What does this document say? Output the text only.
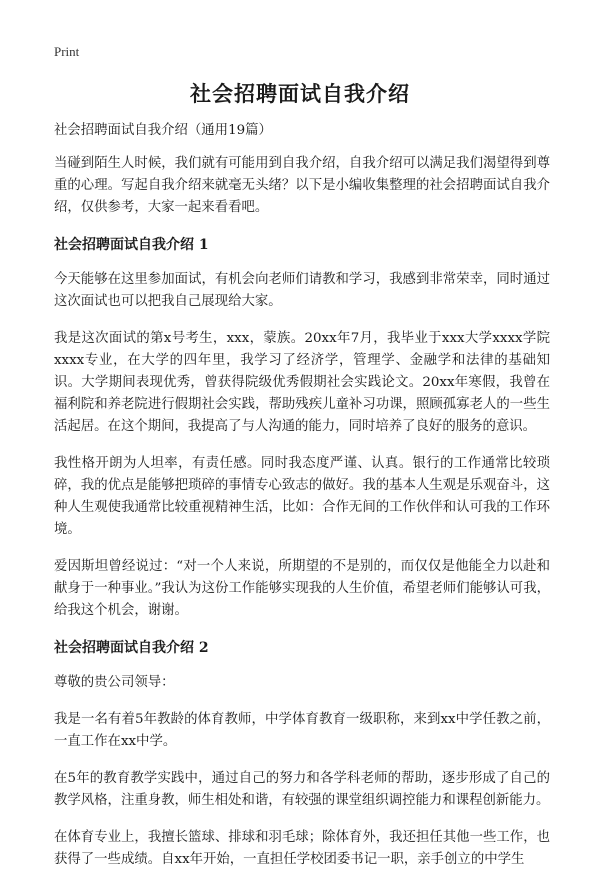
Print
社会招聘面试自我介绍

社会招聘面试自我介绍（通用19篇）

当碰到陌生人时候，我们就有可能用到自我介绍，自我介绍可以满足我们渴望得到尊重的心理。写起自我介绍来就毫无头绪？以下是小编收集整理的社会招聘面试自我介绍，仅供参考，大家一起来看看吧。

社会招聘面试自我介绍 1

今天能够在这里参加面试，有机会向老师们请教和学习，我感到非常荣幸，同时通过这次面试也可以把我自己展现给大家。

我是这次面试的第x号考生，xxx，蒙族。20xx年7月，我毕业于xxx大学xxxx学院xxxx专业，在大学的四年里，我学习了经济学，管理学、金融学和法律的基础知识。大学期间表现优秀，曾获得院级优秀假期社会实践论文。20xx年寒假，我曾在福利院和养老院进行假期社会实践，帮助残疾儿童补习功课，照顾孤寡老人的一些生活起居。在这个期间，我提高了与人沟通的能力，同时培养了良好的服务的意识。

我性格开朗为人坦率，有责任感。同时我态度严谨、认真。银行的工作通常比较琐碎，我的优点是能够把琐碎的事情专心致志的做好。我的基本人生观是乐观奋斗，这种人生观使我通常比较重视精神生活，比如：合作无间的工作伙伴和认可我的工作环境。

爱因斯坦曾经说过：“对一个人来说，所期望的不是别的，而仅仅是他能全力以赴和献身于一种事业。”我认为这份工作能够实现我的人生价值，希望老师们能够认可我，给我这个机会，谢谢。

社会招聘面试自我介绍 2

尊敬的贵公司领导：

我是一名有着5年教龄的体育教师，中学体育教育一级职称，来到xx中学任教之前，一直工作在xx中学。

在5年的教育教学实践中，通过自己的努力和各学科老师的帮助，逐步形成了自己的教学风格，注重身教，师生相处和谐，有较强的课堂组织调控能力和课程创新能力。

在体育专业上，我擅长篮球、排球和羽毛球；除体育外，我还担任其他一些工作，也获得了一些成绩。自xx年开始，一直担任学校团委书记一职，亲手创立的中学生
